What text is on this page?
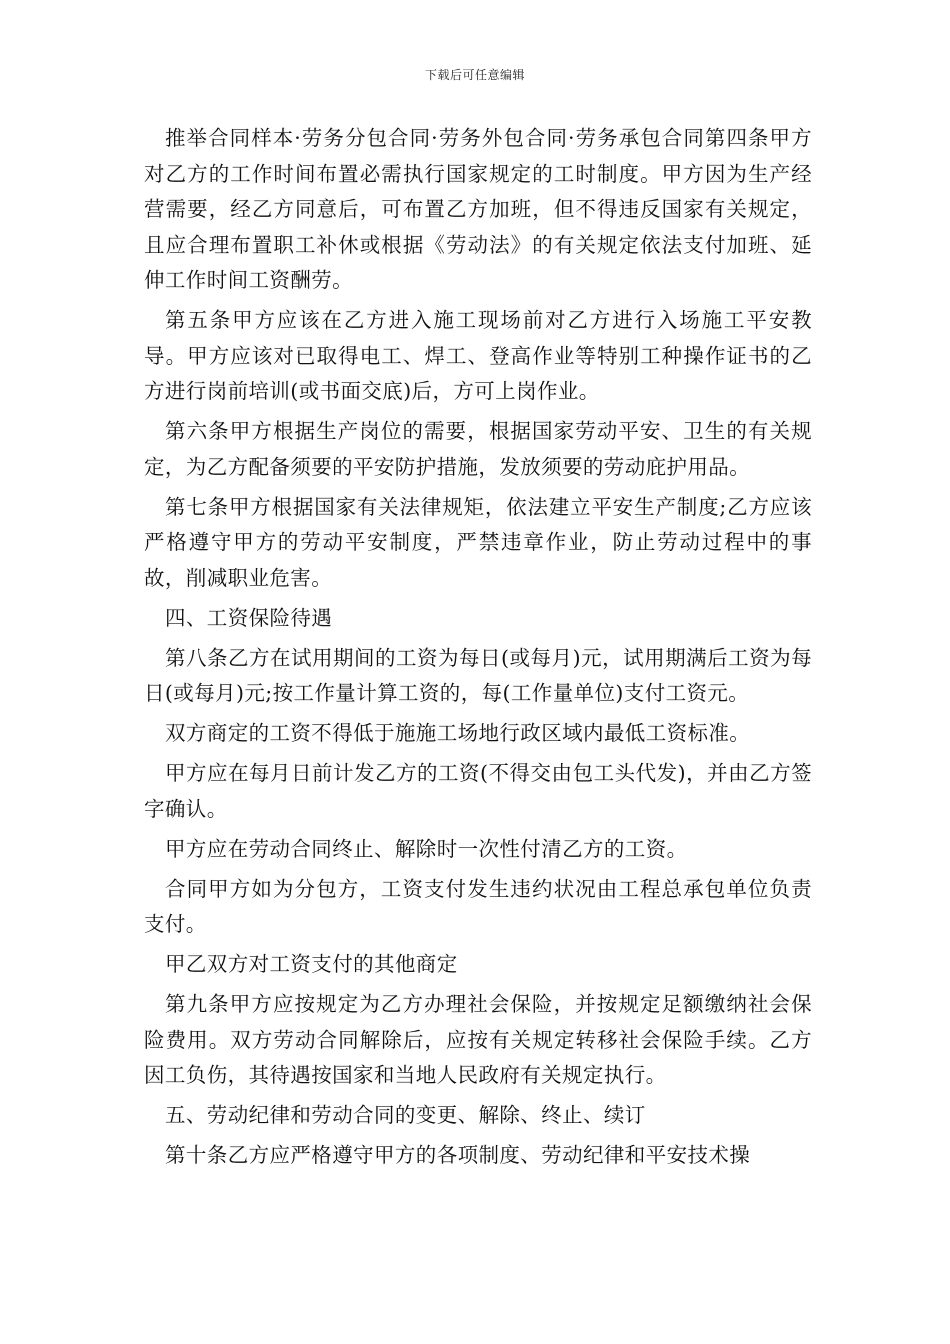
下载后可任意编辑

推举合同样本·劳务分包合同·劳务外包合同·劳务承包合同第四条甲方对乙方的工作时间布置必需执行国家规定的工时制度。甲方因为生产经营需要，经乙方同意后，可布置乙方加班，但不得违反国家有关规定，且应合理布置职工补休或根据《劳动法》的有关规定依法支付加班、延伸工作时间工资酬劳。

第五条甲方应该在乙方进入施工现场前对乙方进行入场施工平安教导。甲方应该对已取得电工、焊工、登高作业等特别工种操作证书的乙方进行岗前培训(或书面交底)后，方可上岗作业。

第六条甲方根据生产岗位的需要，根据国家劳动平安、卫生的有关规定，为乙方配备须要的平安防护措施，发放须要的劳动庇护用品。

第七条甲方根据国家有关法律规矩，依法建立平安生产制度;乙方应该严格遵守甲方的劳动平安制度，严禁违章作业，防止劳动过程中的事故，削减职业危害。

四、工资保险待遇

第八条乙方在试用期间的工资为每日(或每月)元，试用期满后工资为每日(或每月)元;按工作量计算工资的，每(工作量单位)支付工资元。

双方商定的工资不得低于施施工场地行政区域内最低工资标准。

甲方应在每月日前计发乙方的工资(不得交由包工头代发)，并由乙方签字确认。

甲方应在劳动合同终止、解除时一次性付清乙方的工资。

合同甲方如为分包方，工资支付发生违约状况由工程总承包单位负责支付。

甲乙双方对工资支付的其他商定

第九条甲方应按规定为乙方办理社会保险，并按规定足额缴纳社会保险费用。双方劳动合同解除后，应按有关规定转移社会保险手续。乙方因工负伤，其待遇按国家和当地人民政府有关规定执行。

五、劳动纪律和劳动合同的变更、解除、终止、续订

第十条乙方应严格遵守甲方的各项制度、劳动纪律和平安技术操
